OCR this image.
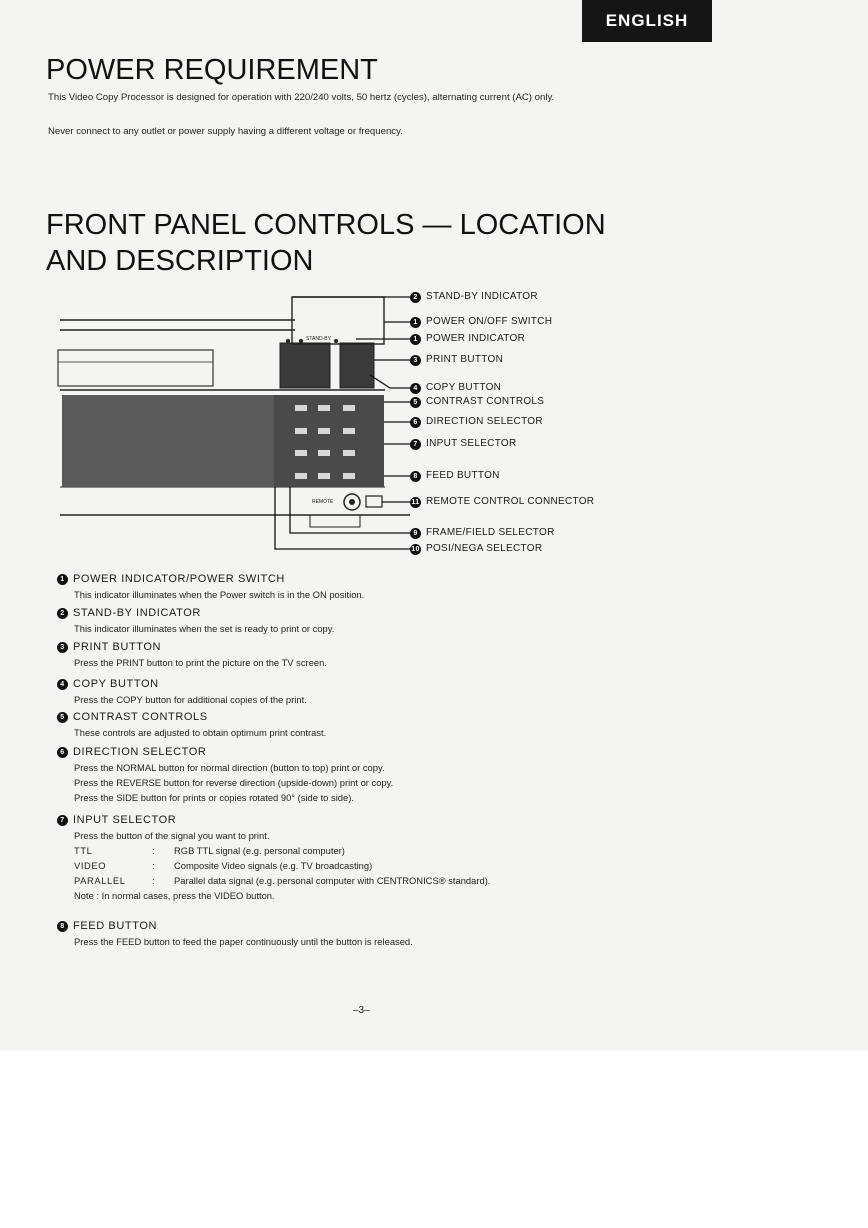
ENGLISH
POWER REQUIREMENT

This Video Copy Processor is designed for operation with 220/240 volts, 50 hertz (cycles), alternating current (AC) only.

Never connect to any outlet or power supply having a different voltage or frequency.

FRONT PANEL CONTROLS — LOCATION AND DESCRIPTION
STAND-BY
REMOTE
2 STAND-BY INDICATOR
1 POWER ON/OFF SWITCH
1 POWER INDICATOR
3 PRINT BUTTON
4 COPY BUTTON
5 CONTRAST CONTROLS
6 DIRECTION SELECTOR
7 INPUT SELECTOR
8 FEED BUTTON
11 REMOTE CONTROL CONNECTOR
9 FRAME/FIELD SELECTOR
10 POSI/NEGA SELECTOR
1 POWER INDICATOR/POWER SWITCH
This indicator illuminates when the Power switch is in the ON position.
2 STAND-BY INDICATOR
This indicator illuminates when the set is ready to print or copy.
3 PRINT BUTTON
Press the PRINT button to print the picture on the TV screen.
4 COPY BUTTON
Press the COPY button for additional copies of the print.
5 CONTRAST CONTROLS
These controls are adjusted to obtain optimum print contrast.
6 DIRECTION SELECTOR
Press the NORMAL button for normal direction (button to top) print or copy.
Press the REVERSE button for reverse direction (upside-down) print or copy.
Press the SIDE button for prints or copies rotated 90° (side to side).
7 INPUT SELECTOR
Press the button of the signal you want to print.
TTL	:	RGB TTL signal (e.g. personal computer)
VIDEO	:	Composite Video signals (e.g. TV broadcasting)
PARALLEL	:	Parallel data signal (e.g. personal computer with CENTRONICS® standard).
Note : In normal cases, press the VIDEO button.
8 FEED BUTTON
Press the FEED button to feed the paper continuously until the button is released.
–3–
